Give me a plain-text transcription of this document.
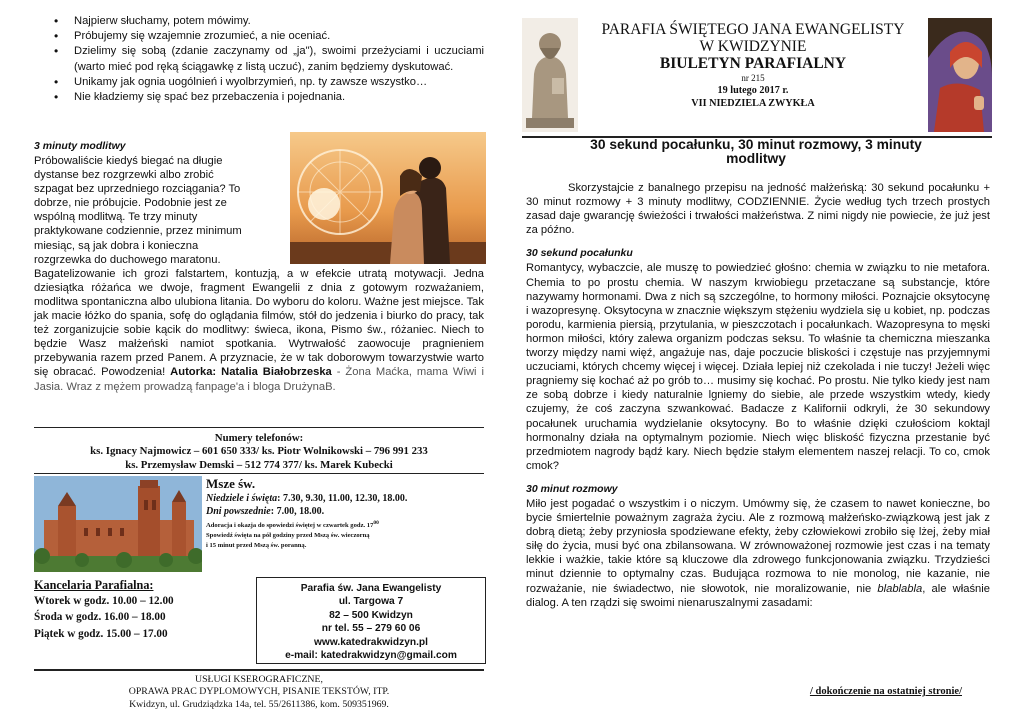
• Najpierw słuchamy, potem mówimy.
• Próbujemy się wzajemnie zrozumieć, a nie oceniać.
• Dzielimy się sobą (zdanie zaczynamy od „ja"), swoimi przeżyciami i uczuciami (warto mieć pod ręką ściągawkę z listą uczuć), zanim będziemy dyskutować.
• Unikamy jak ognia uogólnień i wyolbrzymień, np. ty zawsze wszystko…
• Nie kładziemy się spać bez przebaczenia i pojednania.
3 minuty modlitwy
Próbowaliście kiedyś biegać na długie
dystanse bez rozgrzewki albo zrobić
szpagat bez uprzedniego rozciągania? To
dobrze, nie próbujcie. Podobnie jest ze
wspólną modlitwą. Te trzy minuty
praktykowane codziennie, przez minimum
miesiąc, są jak dobra i konieczna
rozgrzewka do duchowego maratonu.
Bagatelizowanie ich grozi falstartem, kontuzją, a w efekcie utratą motywacji. Jedna dziesiątka różańca we dwoje, fragment Ewangelii z dnia z gotowym rozważaniem, modlitwa spontaniczna albo ulubiona litania. Do wyboru do koloru. Ważne jest miejsce. Tak jak macie łóżko do spania, sofę do oglądania filmów, stół do jedzenia i biurko do pracy, tak też zorganizujcie sobie kącik do modlitwy: świeca, ikona, Pismo św., różaniec. Niech to będzie Wasz małżeński namiot spotkania. Wytrwałość zaowocuje pragnieniem przebywania razem przed Panem. A przyznacie, że w tak doborowym towarzystwie warto się obracać. Powodzenia! Autorka: Natalia Białobrzeska - Żona Maćka, mama Wiwi i Jasia. Wraz z mężem prowadzą fanpage'a i bloga DrużynaB.
Numery telefonów:
ks. Ignacy Najmowicz – 601 650 333/ ks. Piotr Wolnikowski – 796 991 233
ks. Przemysław Demski – 512 774 377/ ks. Marek Kubecki
Msze św.
Niedziele i święta: 7.30, 9.30, 11.00, 12.30, 18.00.
Dni powszednie: 7.00, 18.00.
Adoracja i okazja do spowiedzi świętej w czwartek godz. $17^{00}$
Spowiedź święta na pół godziny przed Mszą św. wieczorną
i 15 minut przed Mszą św. poranną.
Kancelaria Parafialna:
Wtorek w godz. 10.00 – 12.00
Środa w godz. 16.00 – 18.00
Piątek w godz. 15.00 – 17.00
Parafia św. Jana Ewangelisty
ul. Targowa 7
82 – 500 Kwidzyn
nr tel. 55 – 279 60 06
www.katedrakwidzyn.pl
e-mail: katedrakwidzyn@gmail.com
USŁUGI KSEROGRAFICZNE,
OPRAWA PRAC DYPLOMOWYCH, PISANIE TEKSTÓW, ITP.
Kwidzyn, ul. Grudziądzka 14a, tel. 55/2611386, kom. 509351969.
PARAFIA ŚWIĘTEGO JANA EWANGELISTY
W KWIDZYNIE
BIULETYN PARAFIALNY
nr 215
19 lutego 2017 r.
VII NIEDZIELA ZWYKŁA
30 sekund pocałunku, 30 minut rozmowy, 3 minuty modlitwy

Skorzystajcie z banalnego przepisu na jedność małżeńską: 30 sekund pocałunku + 30 minut rozmowy + 3 minuty modlitwy, CODZIENNIE. Życie według tych trzech prostych zasad daje gwarancję świeżości i trwałości małżeństwa. Z nimi nigdy nie powiecie, że już jest za późno.

30 sekund pocałunku

Romantycy, wybaczcie, ale muszę to powiedzieć głośno: chemia w związku to nie metafora. Chemia to po prostu chemia. W naszym krwiobiegu przetaczane są substancje, które nazywamy hormonami. Dwa z nich są szczególne, to hormony miłości. Poznajcie oksytocynę i wazopresynę. Oksytocyna w znacznie większym stężeniu wydziela się u kobiet, np. podczas porodu, karmienia piersią, przytulania, w pieszczotach i pocałunkach. Wazopresyna to męski hormon miłości, który zalewa organizm podczas seksu. To właśnie ta chemiczna mieszanka tworzy między nami więź, angażuje nas, daje poczucie bliskości i częstuje nas przyjemnymi uczuciami, których chcemy więcej i więcej. Działa lepiej niż czekolada i nie tuczy! Jeżeli więc pragniemy się kochać aż po grób to… musimy się kochać. Po prostu. Nie tylko kiedy jest nam ze sobą dobrze i kiedy naturalnie lgniemy do siebie, ale przede wszystkim wtedy, kiedy czujemy, że coś zaczyna szwankować. Badacze z Kalifornii odkryli, że 30 sekundowy pocałunek uruchamia wydzielanie oksytocyny. Bo to właśnie dzięki czułościom koktajl hormonalny działa na optymalnym poziomie. Niech więc bliskość fizyczna przestanie być przedmiotem nagrody bądź kary. Niech będzie stałym elementem naszej relacji. To co, cmok cmok?

30 minut rozmowy

Miło jest pogadać o wszystkim i o niczym. Umówmy się, że czasem to nawet konieczne, bo bycie śmiertelnie poważnym zagraża życiu. Ale z rozmową małżeńsko-związkową jest jak z dobrą dietą; żeby przyniosła spodziewane efekty, żeby człowiekowi zrobiło się lżej, żeby miał siłę do życia, musi być ona zbilansowana. W zrównoważonej rozmowie jest czas i na tematy lekkie i ważkie, takie które są kluczowe dla zdrowego funkcjonowania związku. Trzydzieści minut dziennie to optymalny czas. Budująca rozmowa to nie monolog, nie kazanie, nie rozważanie, nie świadectwo, nie słowotok, nie moralizowanie, nie blablabla, ale właśnie dialog. A ten rządzi się swoimi nienaruszalnymi zasadami:

/ dokończenie na ostatniej stronie/
